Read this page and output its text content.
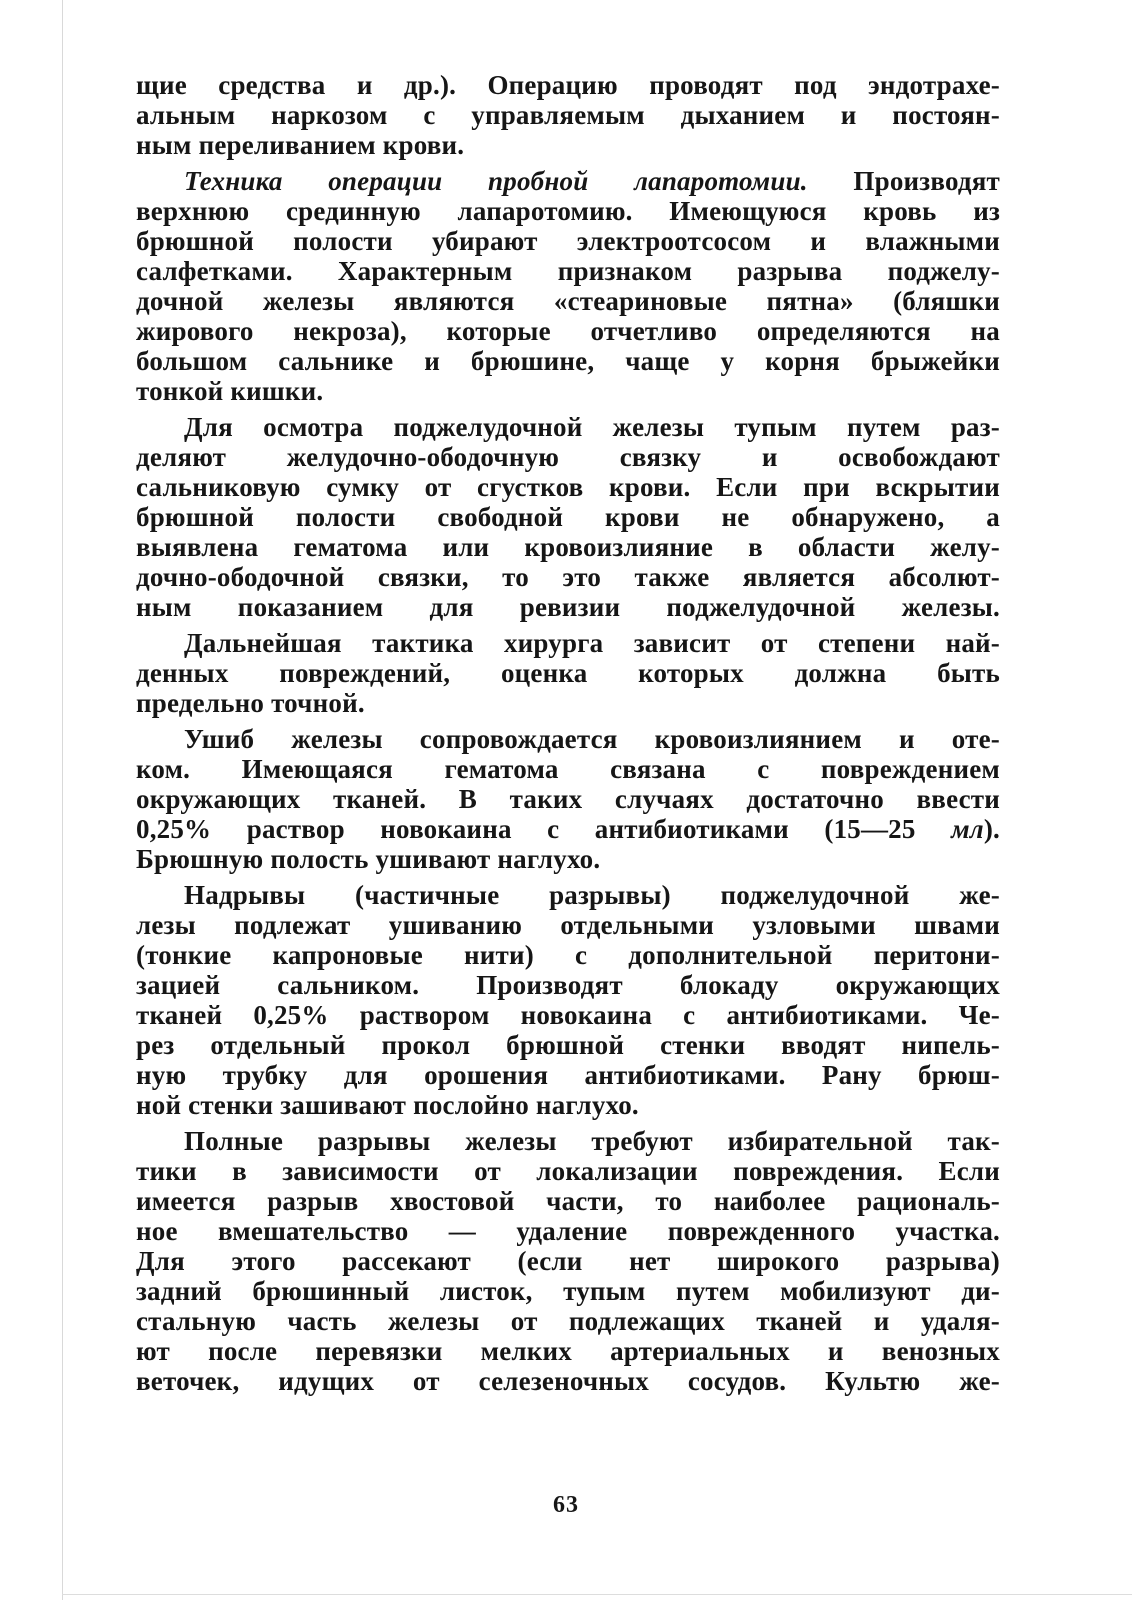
щие средства и др.). Операцию проводят под эндотрахе-
альным наркозом с управляемым дыханием и постоян-
ным переливанием крови.
Техника операции пробной лапаротомии. Производят
верхнюю срединную лапаротомию. Имеющуюся кровь из
брюшной полости убирают электроотсосом и влажными
салфетками. Характерным признаком разрыва поджелу-
дочной железы являются «стеариновые пятна» (бляшки
жирового некроза), которые отчетливо определяются на
большом сальнике и брюшине, чаще у корня брыжейки
тонкой кишки.
Для осмотра поджелудочной железы тупым путем раз-
деляют желудочно-ободочную связку и освобождают
сальниковую сумку от сгустков крови. Если при вскрытии
брюшной полости свободной крови не обнаружено, а
выявлена гематома или кровоизлияние в области желу-
дочно-ободочной связки, то это также является абсолют-
ным показанием для ревизии поджелудочной железы.
Дальнейшая тактика хирурга зависит от степени най-
денных повреждений, оценка которых должна быть
предельно точной.
Ушиб железы сопровождается кровоизлиянием и оте-
ком. Имеющаяся гематома связана с повреждением
окружающих тканей. В таких случаях достаточно ввести
0,25% раствор новокаина с антибиотиками (15—25 мл).
Брюшную полость ушивают наглухо.
Надрывы (частичные разрывы) поджелудочной же-
лезы подлежат ушиванию отдельными узловыми швами
(тонкие капроновые нити) с дополнительной перитони-
зацией сальником. Производят блокаду окружающих
тканей 0,25% раствором новокаина с антибиотиками. Че-
рез отдельный прокол брюшной стенки вводят нипель-
ную трубку для орошения антибиотиками. Рану брюш-
ной стенки зашивают послойно наглухо.
Полные разрывы железы требуют избирательной так-
тики в зависимости от локализации повреждения. Если
имеется разрыв хвостовой части, то наиболее рациональ-
ное вмешательство — удаление поврежденного участка.
Для этого рассекают (если нет широкого разрыва)
задний брюшинный листок, тупым путем мобилизуют ди-
стальную часть железы от подлежащих тканей и удаля-
ют после перевязки мелких артериальных и венозных
веточек, идущих от селезеночных сосудов. Культю же-
63
